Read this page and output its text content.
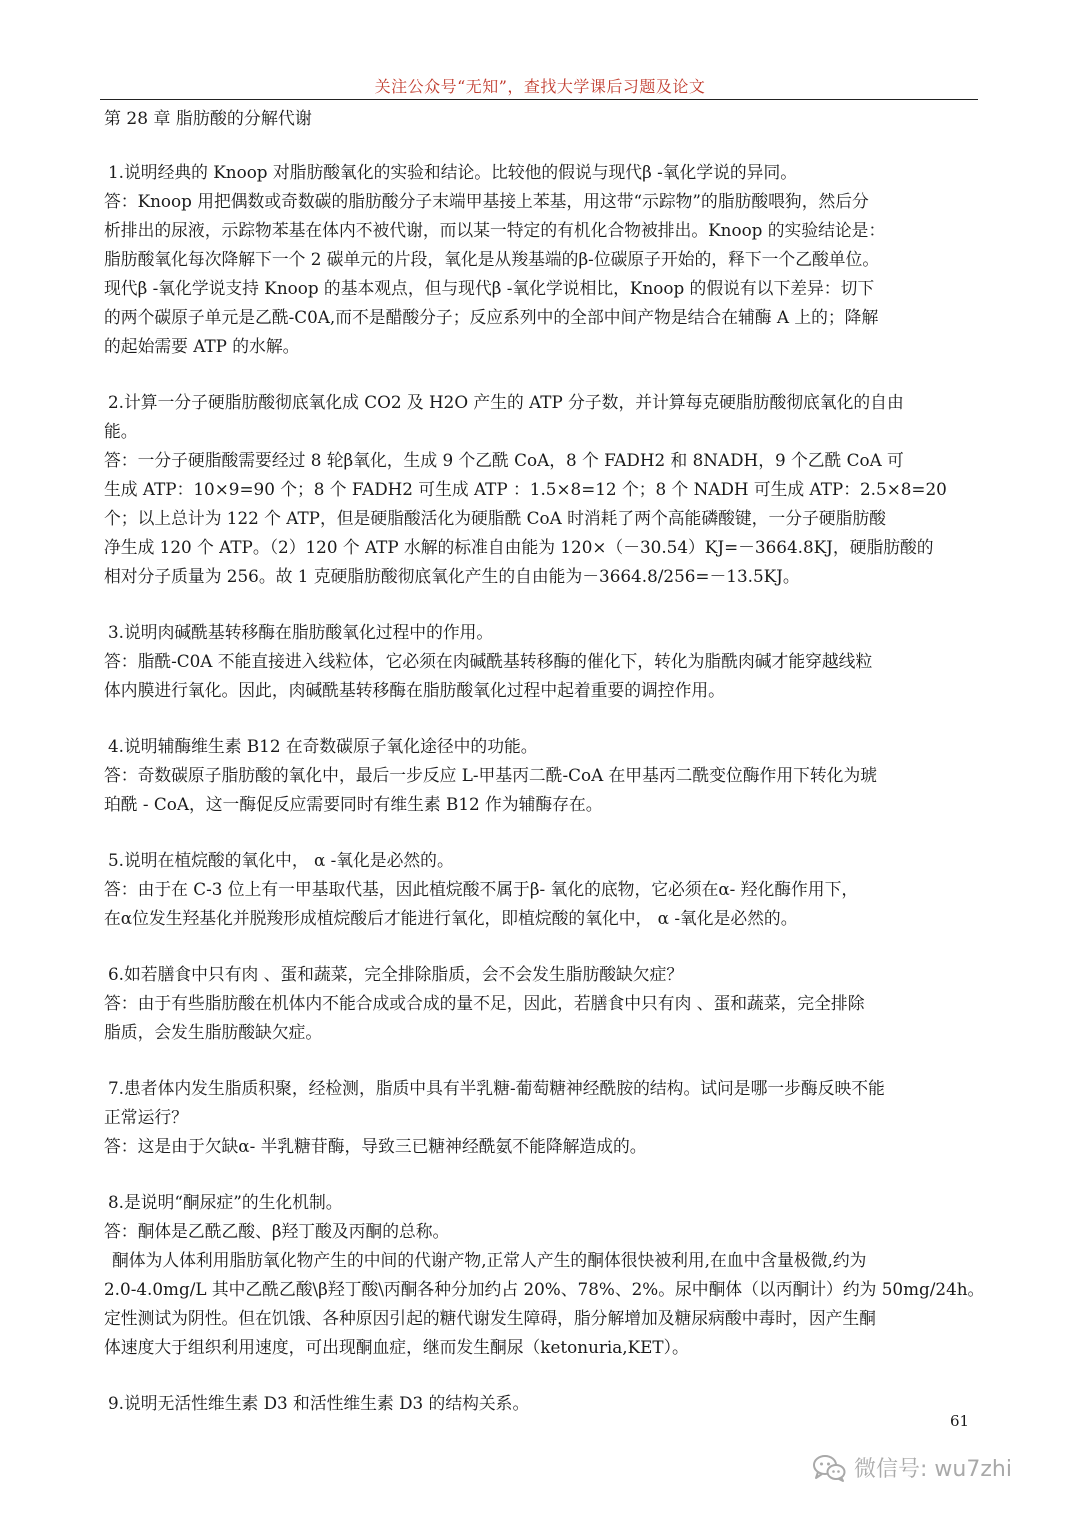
关注公众号“无知”，查找大学课后习题及论文
第 28 章 脂肪酸的分解代谢
1.说明经典的 Knoop 对脂肪酸氧化的实验和结论。比较他的假说与现代β -氧化学说的异同。
答：Knoop 用把偶数或奇数碳的脂肪酸分子末端甲基接上苯基，用这带“示踪物”的脂肪酸喂狗，然后分
析排出的尿液，示踪物苯基在体内不被代谢，而以某一特定的有机化合物被排出。Knoop 的实验结论是：
脂肪酸氧化每次降解下一个 2 碳单元的片段，氧化是从羧基端的β-位碳原子开始的，释下一个乙酸单位。
现代β -氧化学说支持 Knoop 的基本观点，但与现代β -氧化学说相比，Knoop 的假说有以下差异：切下
的两个碳原子单元是乙酰-C0A,而不是醋酸分子；反应系列中的全部中间产物是结合在辅酶 A 上的；降解
的起始需要 ATP 的水解。
2.计算一分子硬脂肪酸彻底氧化成 CO2 及 H2O 产生的 ATP 分子数，并计算每克硬脂肪酸彻底氧化的自由
能。
答：一分子硬脂酸需要经过 8 轮β氧化，生成 9 个乙酰 CoA，8 个 FADH2 和 8NADH，9 个乙酰 CoA 可
生成 ATP：10×9=90 个；8 个 FADH2 可生成 ATP ：1.5×8=12 个；8 个 NADH 可生成 ATP：2.5×8=20
个；以上总计为 122 个 ATP，但是硬脂酸活化为硬脂酰 CoA 时消耗了两个高能磷酸键，一分子硬脂肪酸
净生成 120 个 ATP。（2）120 个 ATP 水解的标准自由能为 120×（－30.54）KJ=－3664.8KJ，硬脂肪酸的
相对分子质量为 256。故 1 克硬脂肪酸彻底氧化产生的自由能为－3664.8/256=－13.5KJ。
3.说明肉碱酰基转移酶在脂肪酸氧化过程中的作用。
答：脂酰-C0A 不能直接进入线粒体，它必须在肉碱酰基转移酶的催化下，转化为脂酰肉碱才能穿越线粒
体内膜进行氧化。因此，肉碱酰基转移酶在脂肪酸氧化过程中起着重要的调控作用。
4.说明辅酶维生素 B12 在奇数碳原子氧化途径中的功能。
答：奇数碳原子脂肪酸的氧化中，最后一步反应 L-甲基丙二酰-CoA 在甲基丙二酰变位酶作用下转化为琥
珀酰 - CoA，这一酶促反应需要同时有维生素 B12 作为辅酶存在。
5.说明在植烷酸的氧化中， α -氧化是必然的。
答：由于在 C-3 位上有一甲基取代基，因此植烷酸不属于β- 氧化的底物，它必须在α- 羟化酶作用下，
在α位发生羟基化并脱羧形成植烷酸后才能进行氧化，即植烷酸的氧化中， α -氧化是必然的。
6.如若膳食中只有肉 、蛋和蔬菜，完全排除脂质，会不会发生脂肪酸缺欠症？
答：由于有些脂肪酸在机体内不能合成或合成的量不足，因此，若膳食中只有肉 、蛋和蔬菜，完全排除
脂质，会发生脂肪酸缺欠症。
7.患者体内发生脂质积聚，经检测，脂质中具有半乳糖-葡萄糖神经酰胺的结构。试问是哪一步酶反映不能
正常运行？
答：这是由于欠缺α- 半乳糖苷酶，导致三已糖神经酰氨不能降解造成的。
8.是说明“酮尿症”的生化机制。
答：酮体是乙酰乙酸、β羟丁酸及丙酮的总称。
酮体为人体利用脂肪氧化物产生的中间的代谢产物,正常人产生的酮体很快被利用,在血中含量极微,约为
2.0-4.0mg/L 其中乙酰乙酸\β羟丁酸\丙酮各种分加约占 20%、78%、2%。尿中酮体（以丙酮计）约为 50mg/24h。
定性测试为阴性。但在饥饿、各种原因引起的糖代谢发生障碍，脂分解增加及糖尿病酸中毒时，因产生酮
体速度大于组织利用速度，可出现酮血症，继而发生酮尿（ketonuria,KET）。
9.说明无活性维生素 D3 和活性维生素 D3 的结构关系。
61
微信号: wu7zhi
